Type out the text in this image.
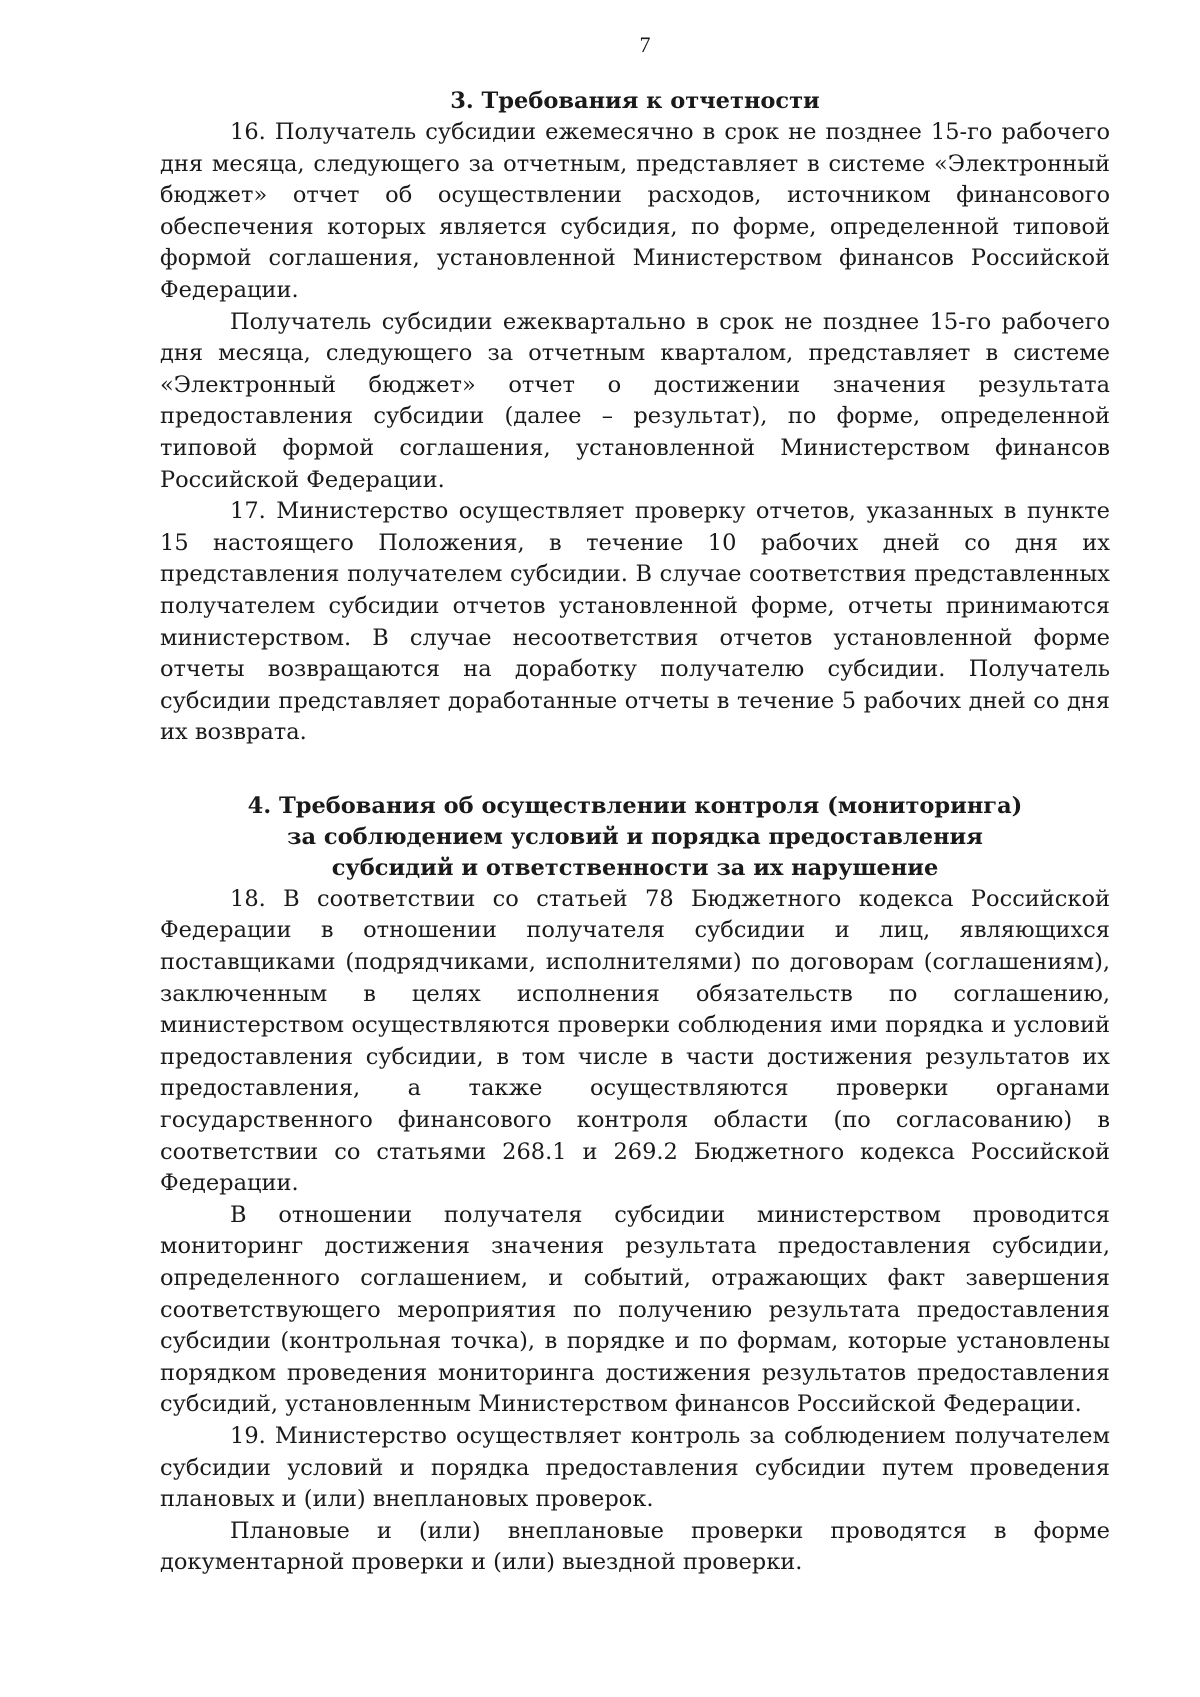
7
3. Требования к отчетности

16. Получатель субсидии ежемесячно в срок не позднее 15-го рабочего дня месяца, следующего за отчетным, представляет в системе «Электронный бюджет» отчет об осуществлении расходов, источником финансового обеспечения которых является субсидия, по форме, определенной типовой формой соглашения, установленной Министерством финансов Российской Федерации.

Получатель субсидии ежеквартально в срок не позднее 15-го рабочего дня месяца, следующего за отчетным кварталом, представляет в системе «Электронный бюджет» отчет о достижении значения результата предоставления субсидии (далее – результат), по форме, определенной типовой формой соглашения, установленной Министерством финансов Российской Федерации.

17. Министерство осуществляет проверку отчетов, указанных в пункте 15 настоящего Положения, в течение 10 рабочих дней со дня их представления получателем субсидии. В случае соответствия представленных получателем субсидии отчетов установленной форме, отчеты принимаются министерством. В случае несоответствия отчетов установленной форме отчеты возвращаются на доработку получателю субсидии. Получатель субсидии представляет доработанные отчеты в течение 5 рабочих дней со дня их возврата.

4. Требования об осуществлении контроля (мониторинга)
за соблюдением условий и порядка предоставления
субсидий и ответственности за их нарушение

18. В соответствии со статьей 78 Бюджетного кодекса Российской Федерации в отношении получателя субсидии и лиц, являющихся поставщиками (подрядчиками, исполнителями) по договорам (соглашениям), заключенным в целях исполнения обязательств по соглашению, министерством осуществляются проверки соблюдения ими порядка и условий предоставления субсидии, в том числе в части достижения результатов их предоставления, а также осуществляются проверки органами государственного финансового контроля области (по согласованию) в соответствии со статьями 268.1 и 269.2 Бюджетного кодекса Российской Федерации.

В отношении получателя субсидии министерством проводится мониторинг достижения значения результата предоставления субсидии, определенного соглашением, и событий, отражающих факт завершения соответствующего мероприятия по получению результата предоставления субсидии (контрольная точка), в порядке и по формам, которые установлены порядком проведения мониторинга достижения результатов предоставления субсидий, установленным Министерством финансов Российской Федерации.

19. Министерство осуществляет контроль за соблюдением получателем субсидии условий и порядка предоставления субсидии путем проведения плановых и (или) внеплановых проверок.

Плановые и (или) внеплановые проверки проводятся в форме документарной проверки и (или) выездной проверки.
